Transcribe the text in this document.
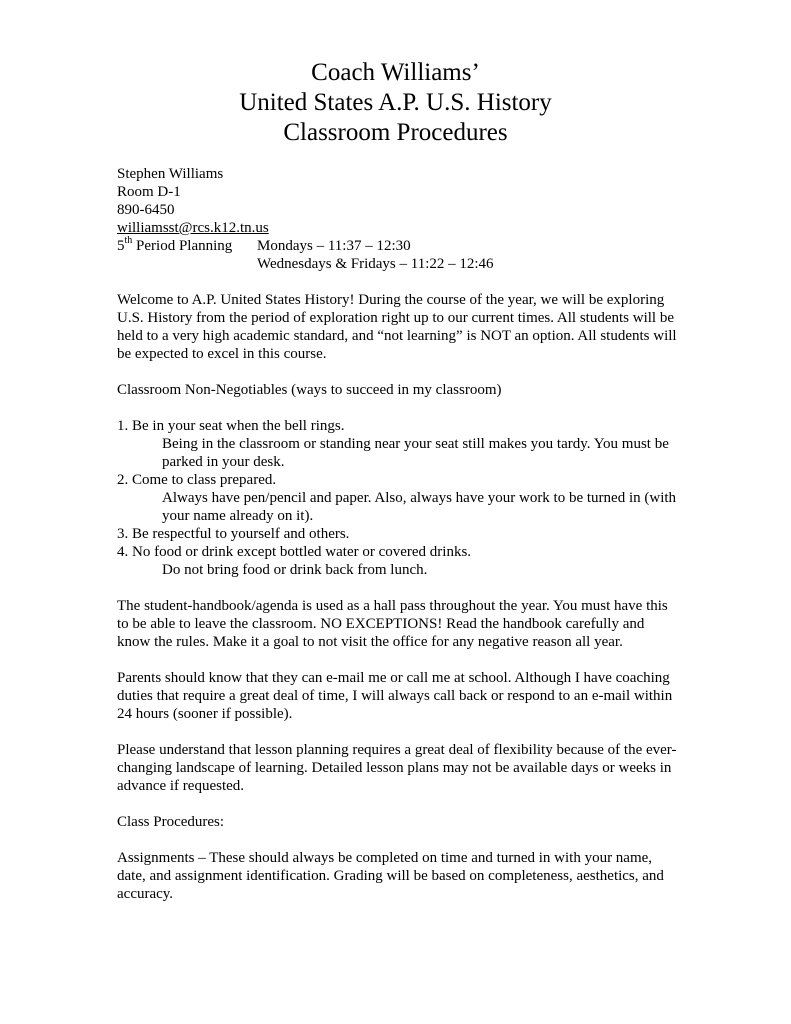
Coach Williams’
United States A.P. U.S. History
Classroom Procedures
Stephen Williams
Room D-1
890-6450
williamsst@rcs.k12.tn.us
5th Period Planning Mondays – 11:37 – 12:30
Wednesdays & Fridays – 11:22 – 12:46

Welcome to A.P. United States History! During the course of the year, we will be exploring U.S. History from the period of exploration right up to our current times. All students will be held to a very high academic standard, and “not learning” is NOT an option. All students will be expected to excel in this course.

Classroom Non-Negotiables (ways to succeed in my classroom)

1. Be in your seat when the bell rings.

Being in the classroom or standing near your seat still makes you tardy. You must be parked in your desk.

2. Come to class prepared.

Always have pen/pencil and paper. Also, always have your work to be turned in (with your name already on it).

3. Be respectful to yourself and others.

4. No food or drink except bottled water or covered drinks.

Do not bring food or drink back from lunch.

The student-handbook/agenda is used as a hall pass throughout the year. You must have this to be able to leave the classroom. NO EXCEPTIONS! Read the handbook carefully and know the rules. Make it a goal to not visit the office for any negative reason all year.

Parents should know that they can e-mail me or call me at school. Although I have coaching duties that require a great deal of time, I will always call back or respond to an e-mail within 24 hours (sooner if possible).

Please understand that lesson planning requires a great deal of flexibility because of the ever-changing landscape of learning. Detailed lesson plans may not be available days or weeks in advance if requested.

Class Procedures:

Assignments – These should always be completed on time and turned in with your name, date, and assignment identification. Grading will be based on completeness, aesthetics, and accuracy.
